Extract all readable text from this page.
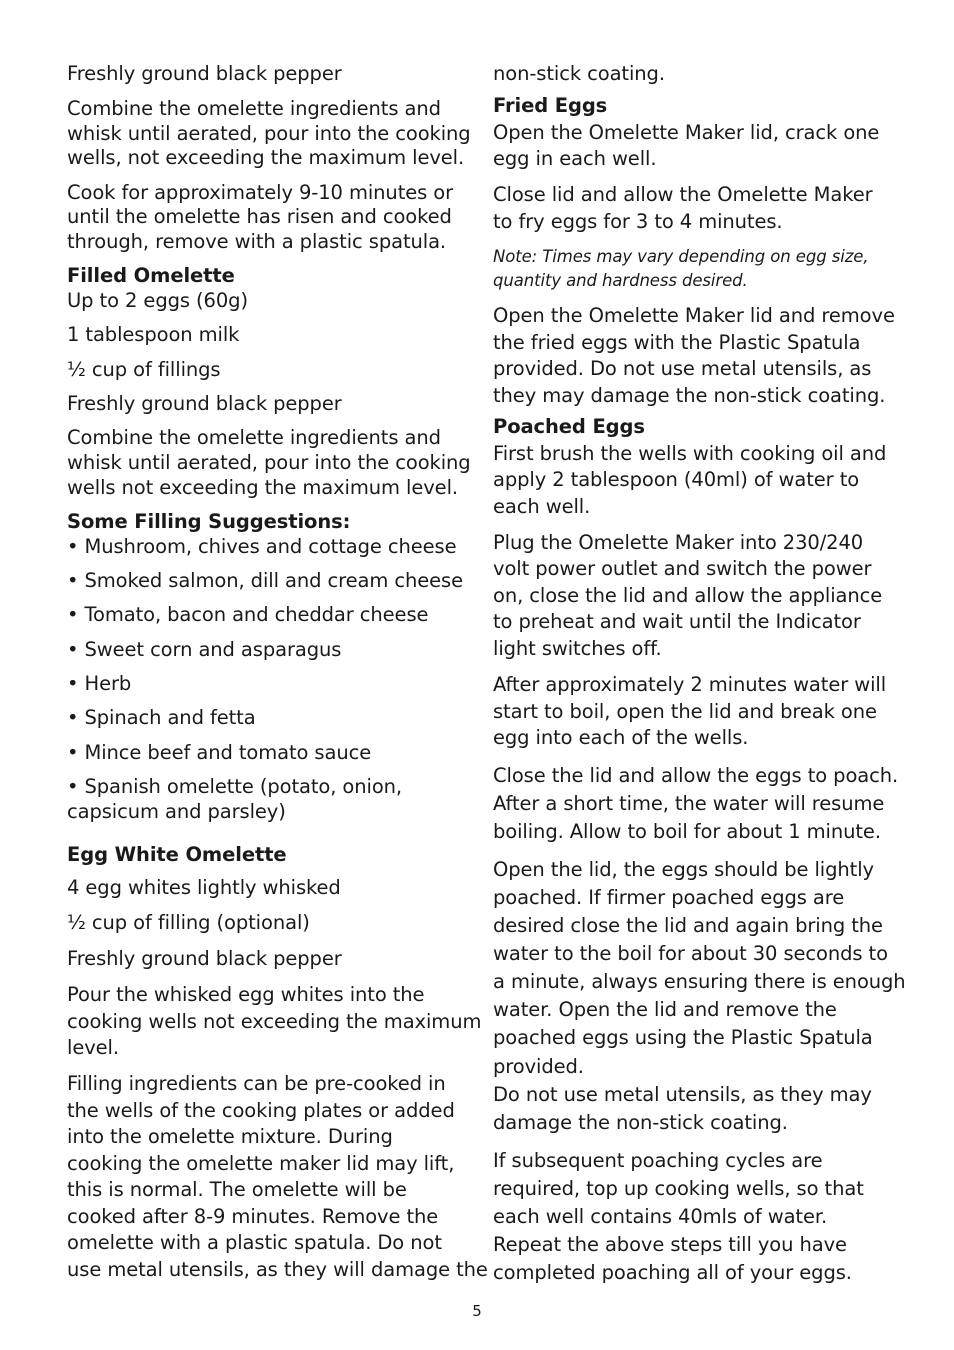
Freshly ground black pepper
Combine the omelette ingredients and
whisk until aerated, pour into the cooking
wells, not exceeding the maximum level.
Cook for approximately 9-10 minutes or
until the omelette has risen and cooked
through, remove with a plastic spatula.
Filled Omelette
Up to 2 eggs (60g)
1 tablespoon milk
½ cup of fillings
Freshly ground black pepper
Combine the omelette ingredients and
whisk until aerated, pour into the cooking
wells not exceeding the maximum level.
Some Filling Suggestions:
• Mushroom, chives and cottage cheese
• Smoked salmon, dill and cream cheese
• Tomato, bacon and cheddar cheese
• Sweet corn and asparagus
• Herb
• Spinach and fetta
• Mince beef and tomato sauce
• Spanish omelette (potato, onion,
capsicum and parsley)
Egg White Omelette
4 egg whites lightly whisked
½ cup of filling (optional)
Freshly ground black pepper
Pour the whisked egg whites into the
cooking wells not exceeding the maximum
level.
Filling ingredients can be pre-cooked in
the wells of the cooking plates or added
into the omelette mixture. During
cooking the omelette maker lid may lift,
this is normal. The omelette will be
cooked after 8-9 minutes. Remove the
omelette with a plastic spatula. Do not
use metal utensils, as they will damage the
non-stick coating.
Fried Eggs
Open the Omelette Maker lid, crack one
egg in each well.
Close lid and allow the Omelette Maker
to fry eggs for 3 to 4 minutes.
Note: Times may vary depending on egg size,
quantity and hardness desired.
Open the Omelette Maker lid and remove
the fried eggs with the Plastic Spatula
provided. Do not use metal utensils, as
they may damage the non-stick coating.
Poached Eggs
First brush the wells with cooking oil and
apply 2 tablespoon (40ml) of water to
each well.
Plug the Omelette Maker into 230/240
volt power outlet and switch the power
on, close the lid and allow the appliance
to preheat and wait until the Indicator
light switches off.
After approximately 2 minutes water will
start to boil, open the lid and break one
egg into each of the wells.
Close the lid and allow the eggs to poach.
After a short time, the water will resume
boiling. Allow to boil for about 1 minute.
Open the lid, the eggs should be lightly
poached. If firmer poached eggs are
desired close the lid and again bring the
water to the boil for about 30 seconds to
a minute, always ensuring there is enough
water. Open the lid and remove the
poached eggs using the Plastic Spatula
provided.
Do not use metal utensils, as they may
damage the non-stick coating.
If subsequent poaching cycles are
required, top up cooking wells, so that
each well contains 40mls of water.
Repeat the above steps till you have
completed poaching all of your eggs.
5
